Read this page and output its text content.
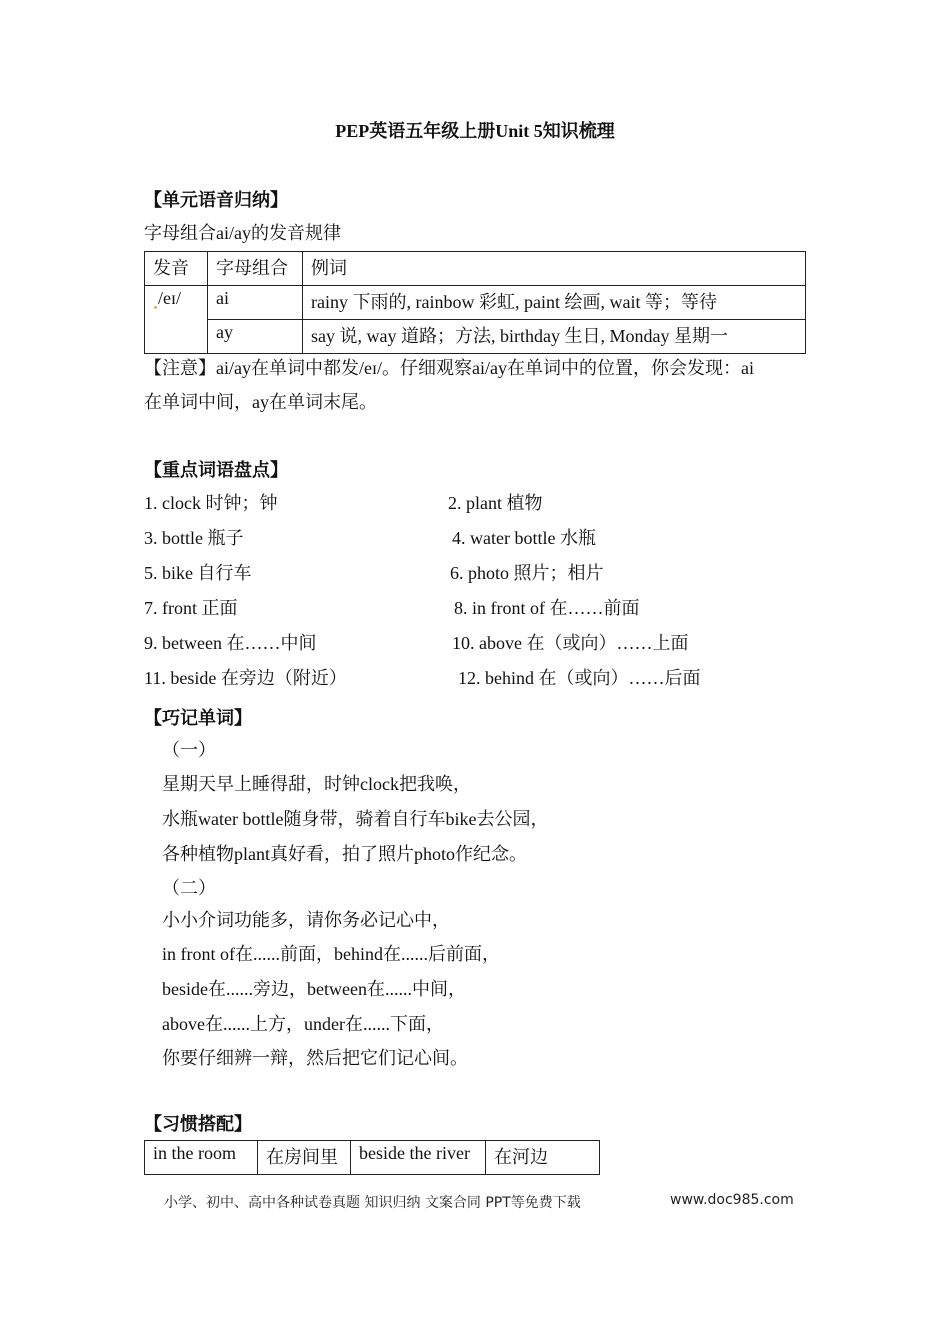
PEP英语五年级上册Unit 5知识梳理
【单元语音归纳】
字母组合ai/ay的发音规律
发音	字母组合	例词
/eɪ/	ai	rainy 下雨的, rainbow 彩虹, paint 绘画, wait 等；等待
	ay	say 说, way 道路；方法, birthday 生日, Monday 星期一
【注意】ai/ay在单词中都发/eɪ/。仔细观察ai/ay在单词中的位置，你会发现：ai
在单词中间，ay在单词末尾。
【重点词语盘点】
1. clock 时钟；钟	2. plant 植物
3. bottle 瓶子	4. water bottle 水瓶
5. bike 自行车	6. photo 照片；相片
7. front 正面	8. in front of 在……前面
9. between 在……中间	10. above 在（或向）……上面
11. beside 在旁边（附近）	12. behind 在（或向）……后面
【巧记单词】
（一）
星期天早上睡得甜，时钟clock把我唤，
水瓶water bottle随身带，骑着自行车bike去公园，
各种植物plant真好看，拍了照片photo作纪念。
（二）
小小介词功能多，请你务必记心中，
in front of在......前面，behind在......后前面，
beside在......旁边，between在......中间，
above在......上方，under在......下面，
你要仔细辨一辩，然后把它们记心间。
【习惯搭配】
in the room	在房间里	beside the river	在河边
小学、初中、高中各种试卷真题 知识归纳 文案合同 PPT等免费下载	www.doc985.com
